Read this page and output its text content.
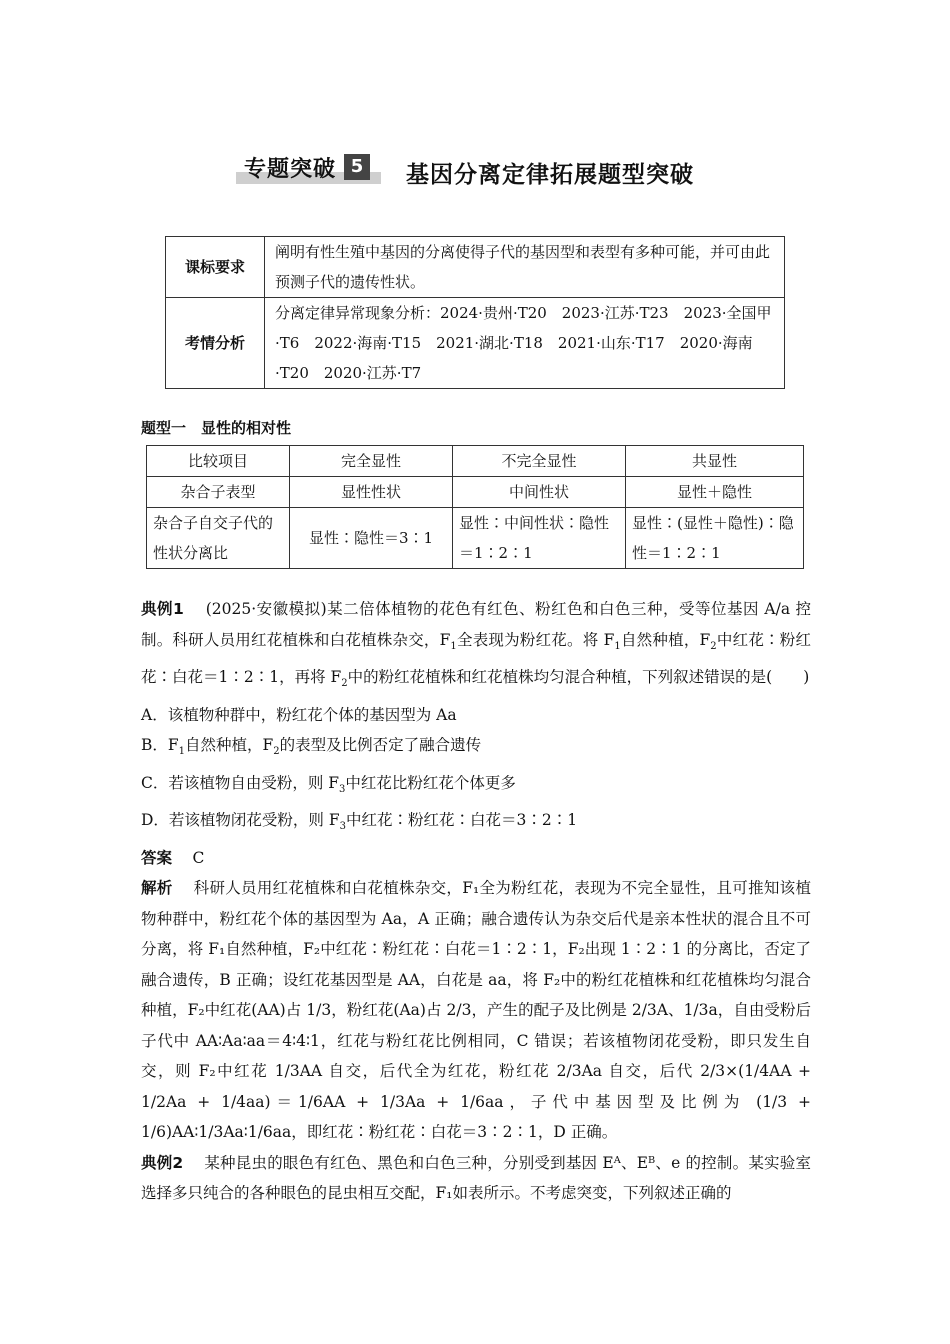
专题突破 5 基因分离定律拓展题型突破
课标要求	阐明有性生殖中基因的分离使得子代的基因型和表型有多种可能，并可由此预测子代的遗传性状。
考情分析	分离定律异常现象分析：2024·贵州·T20　2023·江苏·T23　2023·全国甲·T6　2022·海南·T15　2021·湖北·T18　2021·山东·T17　2020·海南·T20　2020·江苏·T7
题型一　显性的相对性
比较项目	完全显性	不完全显性	共显性
杂合子表型	显性性状	中间性状	显性＋隐性
杂合子自交子代的性状分离比	显性∶隐性＝3∶1	显性∶中间性状∶隐性＝1∶2∶1	显性∶(显性＋隐性)∶隐性＝1∶2∶1

典例1　 (2025·安徽模拟)某二倍体植物的花色有红色、粉红色和白色三种，受等位基因 A/a 控制。科研人员用红花植株和白花植株杂交，$F_1$全表现为粉红花。将 $F_1$自然种植，$F_2$中红花∶粉红花∶白花＝1∶2∶1，再将 $F_2$中的粉红花植株和红花植株均匀混合种植，下列叙述错误的是(　　)

A．该植物种群中，粉红花个体的基因型为 Aa

B．$F_1$自然种植，$F_2$的表型及比例否定了融合遗传

C．若该植物自由受粉，则 $F_3$中红花比粉红花个体更多

D．若该植物闭花受粉，则 $F_3$中红花∶粉红花∶白花＝3∶2∶1

答案　 C

解析　 科研人员用红花植株和白花植株杂交，F₁全为粉红花，表现为不完全显性，且可推知该植物种群中，粉红花个体的基因型为 Aa，A 正确；融合遗传认为杂交后代是亲本性状的混合且不可分离，将 F₁自然种植，F₂中红花∶粉红花∶白花＝1∶2∶1，F₂出现 1∶2∶1 的分离比，否定了融合遗传，B 正确；设红花基因型是 AA，白花是 aa，将 F₂中的粉红花植株和红花植株均匀混合种植，F₂中红花(AA)占 1/3，粉红花(Aa)占 2/3，产生的配子及比例是 2/3A、1/3a，自由受粉后子代中 AA∶Aa∶aa＝4∶4∶1，红花与粉红花比例相同，C 错误；若该植物闭花受粉，即只发生自交，则 F₂中红花 1/3AA 自交，后代全为红花，粉红花 2/3Aa 自交，后代 2/3×(1/4AA + 1/2Aa + 1/4aa)＝1/6AA + 1/3Aa + 1/6aa，子代中基因型及比例为 (1/3 + 1/6)AA∶1/3Aa∶1/6aa，即红花∶粉红花∶白花＝3∶2∶1，D 正确。

典例2　 某种昆虫的眼色有红色、黑色和白色三种，分别受到基因 Eᴬ、Eᴮ、e 的控制。某实验室选择多只纯合的各种眼色的昆虫相互交配，F₁如表所示。不考虑突变，下列叙述正确的
